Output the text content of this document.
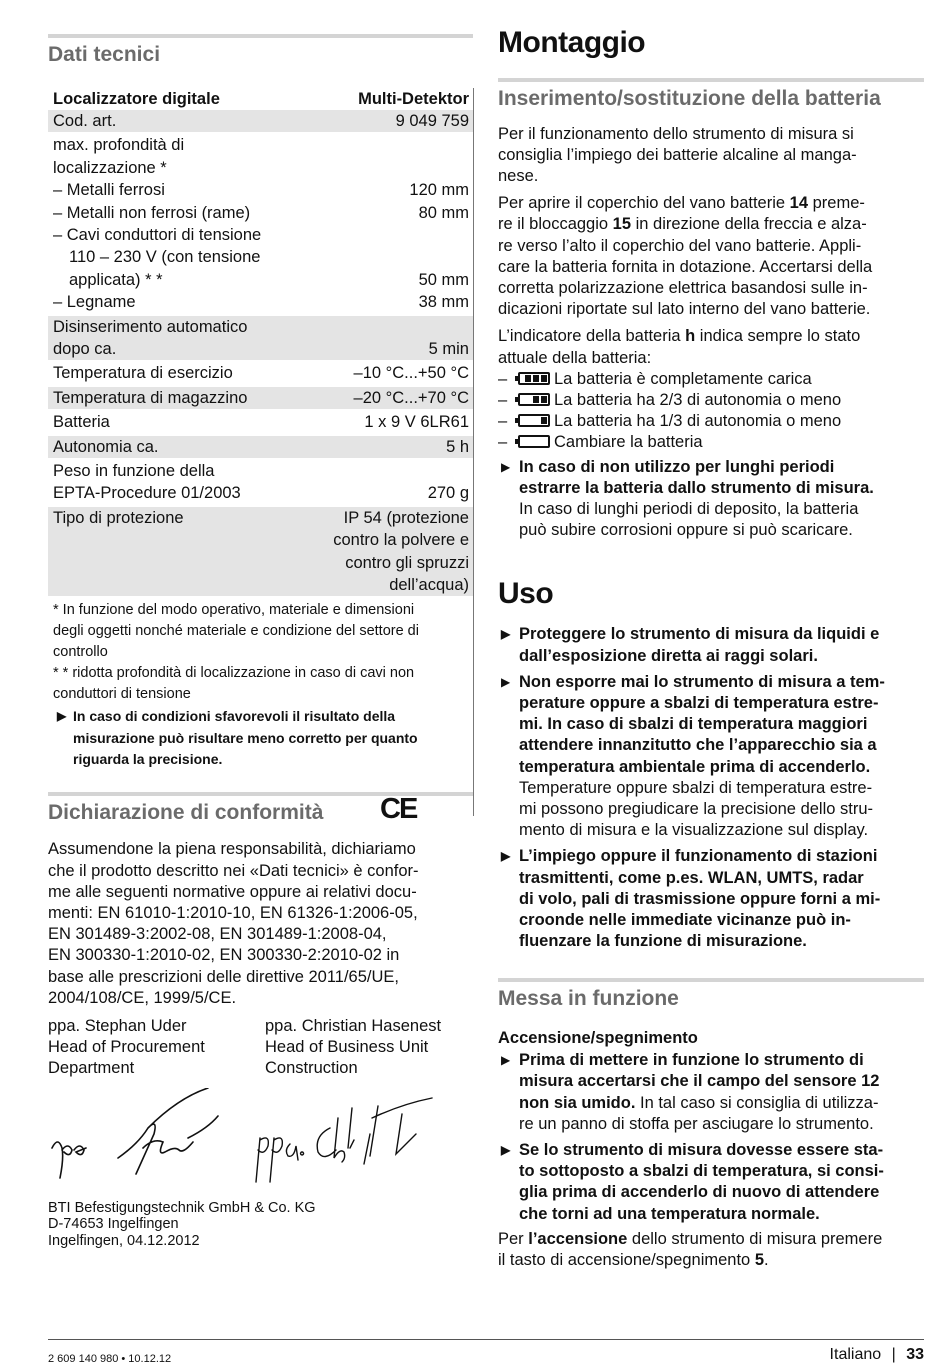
Dati tecnici
Localizzatore digitale	Multi-Detektor
Cod. art.	9 049 759
max. profondità di	
localizzazione *	
– Metalli ferrosi	120 mm
– Metalli non ferrosi (rame)	80 mm
– Cavi conduttori di tensione	
110 – 230 V (con tensione	
applicata) * *	50 mm
– Legname	38 mm
Disinserimento automatico	
dopo ca.	5 min
Temperatura di esercizio	–10 °C...+50 °C
Temperatura di magazzino	–20 °C...+70 °C
Batteria	1 x 9 V 6LR61
Autonomia ca.	5 h
Peso in funzione della	
EPTA-Procedure 01/2003	270 g
Tipo di protezione	IP 54 (protezione
	contro la polvere e
	contro gli spruzzi
	dell’acqua)
* In funzione del modo operativo, materiale e dimensioni
degli oggetti nonché materiale e condizione del settore di
controllo
* * ridotta profondità di localizzazione in caso di cavi non
conduttori di tensione
▶ In caso di condizioni sfavorevoli il risultato della
misurazione può risultare meno corretto per quanto
riguarda la precisione.
Dichiarazione di conformità CE
Assumendone la piena responsabilità, dichiariamo
che il prodotto descritto nei «Dati tecnici» è confor-
me alle seguenti normative oppure ai relativi docu-
menti: EN 61010-1:2010-10, EN 61326-1:2006-05,
EN 301489-3:2002-08, EN 301489-1:2008-04,
EN 300330-1:2010-02, EN 300330-2:2010-02 in
base alle prescrizioni delle direttive 2011/65/UE,
2004/108/CE, 1999/5/CE.
ppa. Stephan Uder
Head of Procurement
Department
ppa. Christian Hasenest
Head of Business Unit
Construction
BTI Befestigungstechnik GmbH & Co. KG
D-74653 Ingelfingen
Ingelfingen, 04.12.2012
Montaggio
Inserimento/sostituzione della batteria
Per il funzionamento dello strumento di misura si
consiglia l’impiego dei batterie alcaline al manga-
nese.
Per aprire il coperchio del vano batterie 14 preme-
re il bloccaggio 15 in direzione della freccia e alza-
re verso l’alto il coperchio del vano batterie. Appli-
care la batteria fornita in dotazione. Accertarsi della
corretta polarizzazione elettrica basandosi sulle in-
dicazioni riportate sul lato interno del vano batterie.
L’indicatore della batteria h indica sempre lo stato
attuale della batteria:
–	La batteria è completamente carica
–	La batteria ha 2/3 di autonomia o meno
–	La batteria ha 1/3 di autonomia o meno
–	Cambiare la batteria
▶ In caso di non utilizzo per lunghi periodi
estrarre la batteria dallo strumento di misura.
In caso di lunghi periodi di deposito, la batteria
può subire corrosioni oppure si può scaricare.
Uso
▶ Proteggere lo strumento di misura da liquidi e
dall’esposizione diretta ai raggi solari.
▶ Non esporre mai lo strumento di misura a tem-
perature oppure a sbalzi di temperatura estre-
mi. In caso di sbalzi di temperatura maggiori
attendere innanzitutto che l’apparecchio sia a
temperatura ambientale prima di accenderlo.
Temperature oppure sbalzi di temperatura estre-
mi possono pregiudicare la precisione dello stru-
mento di misura e la visualizzazione sul display.
▶ L’impiego oppure il funzionamento di stazioni
trasmittenti, come p.es. WLAN, UMTS, radar
di volo, pali di trasmissione oppure forni a mi-
croonde nelle immediate vicinanze può in-
fluenzare la funzione di misurazione.
Messa in funzione
Accensione/spegnimento
▶ Prima di mettere in funzione lo strumento di
misura accertarsi che il campo del sensore 12
non sia umido. In tal caso si consiglia di utilizza-
re un panno di stoffa per asciugare lo strumento.
▶ Se lo strumento di misura dovesse essere sta-
to sottoposto a sbalzi di temperatura, si consi-
glia prima di accenderlo di nuovo di attendere
che torni ad una temperatura normale.
Per l’accensione dello strumento di misura premere
il tasto di accensione/spegnimento 5.
2 609 140 980 • 10.12.12	Italiano | 33
